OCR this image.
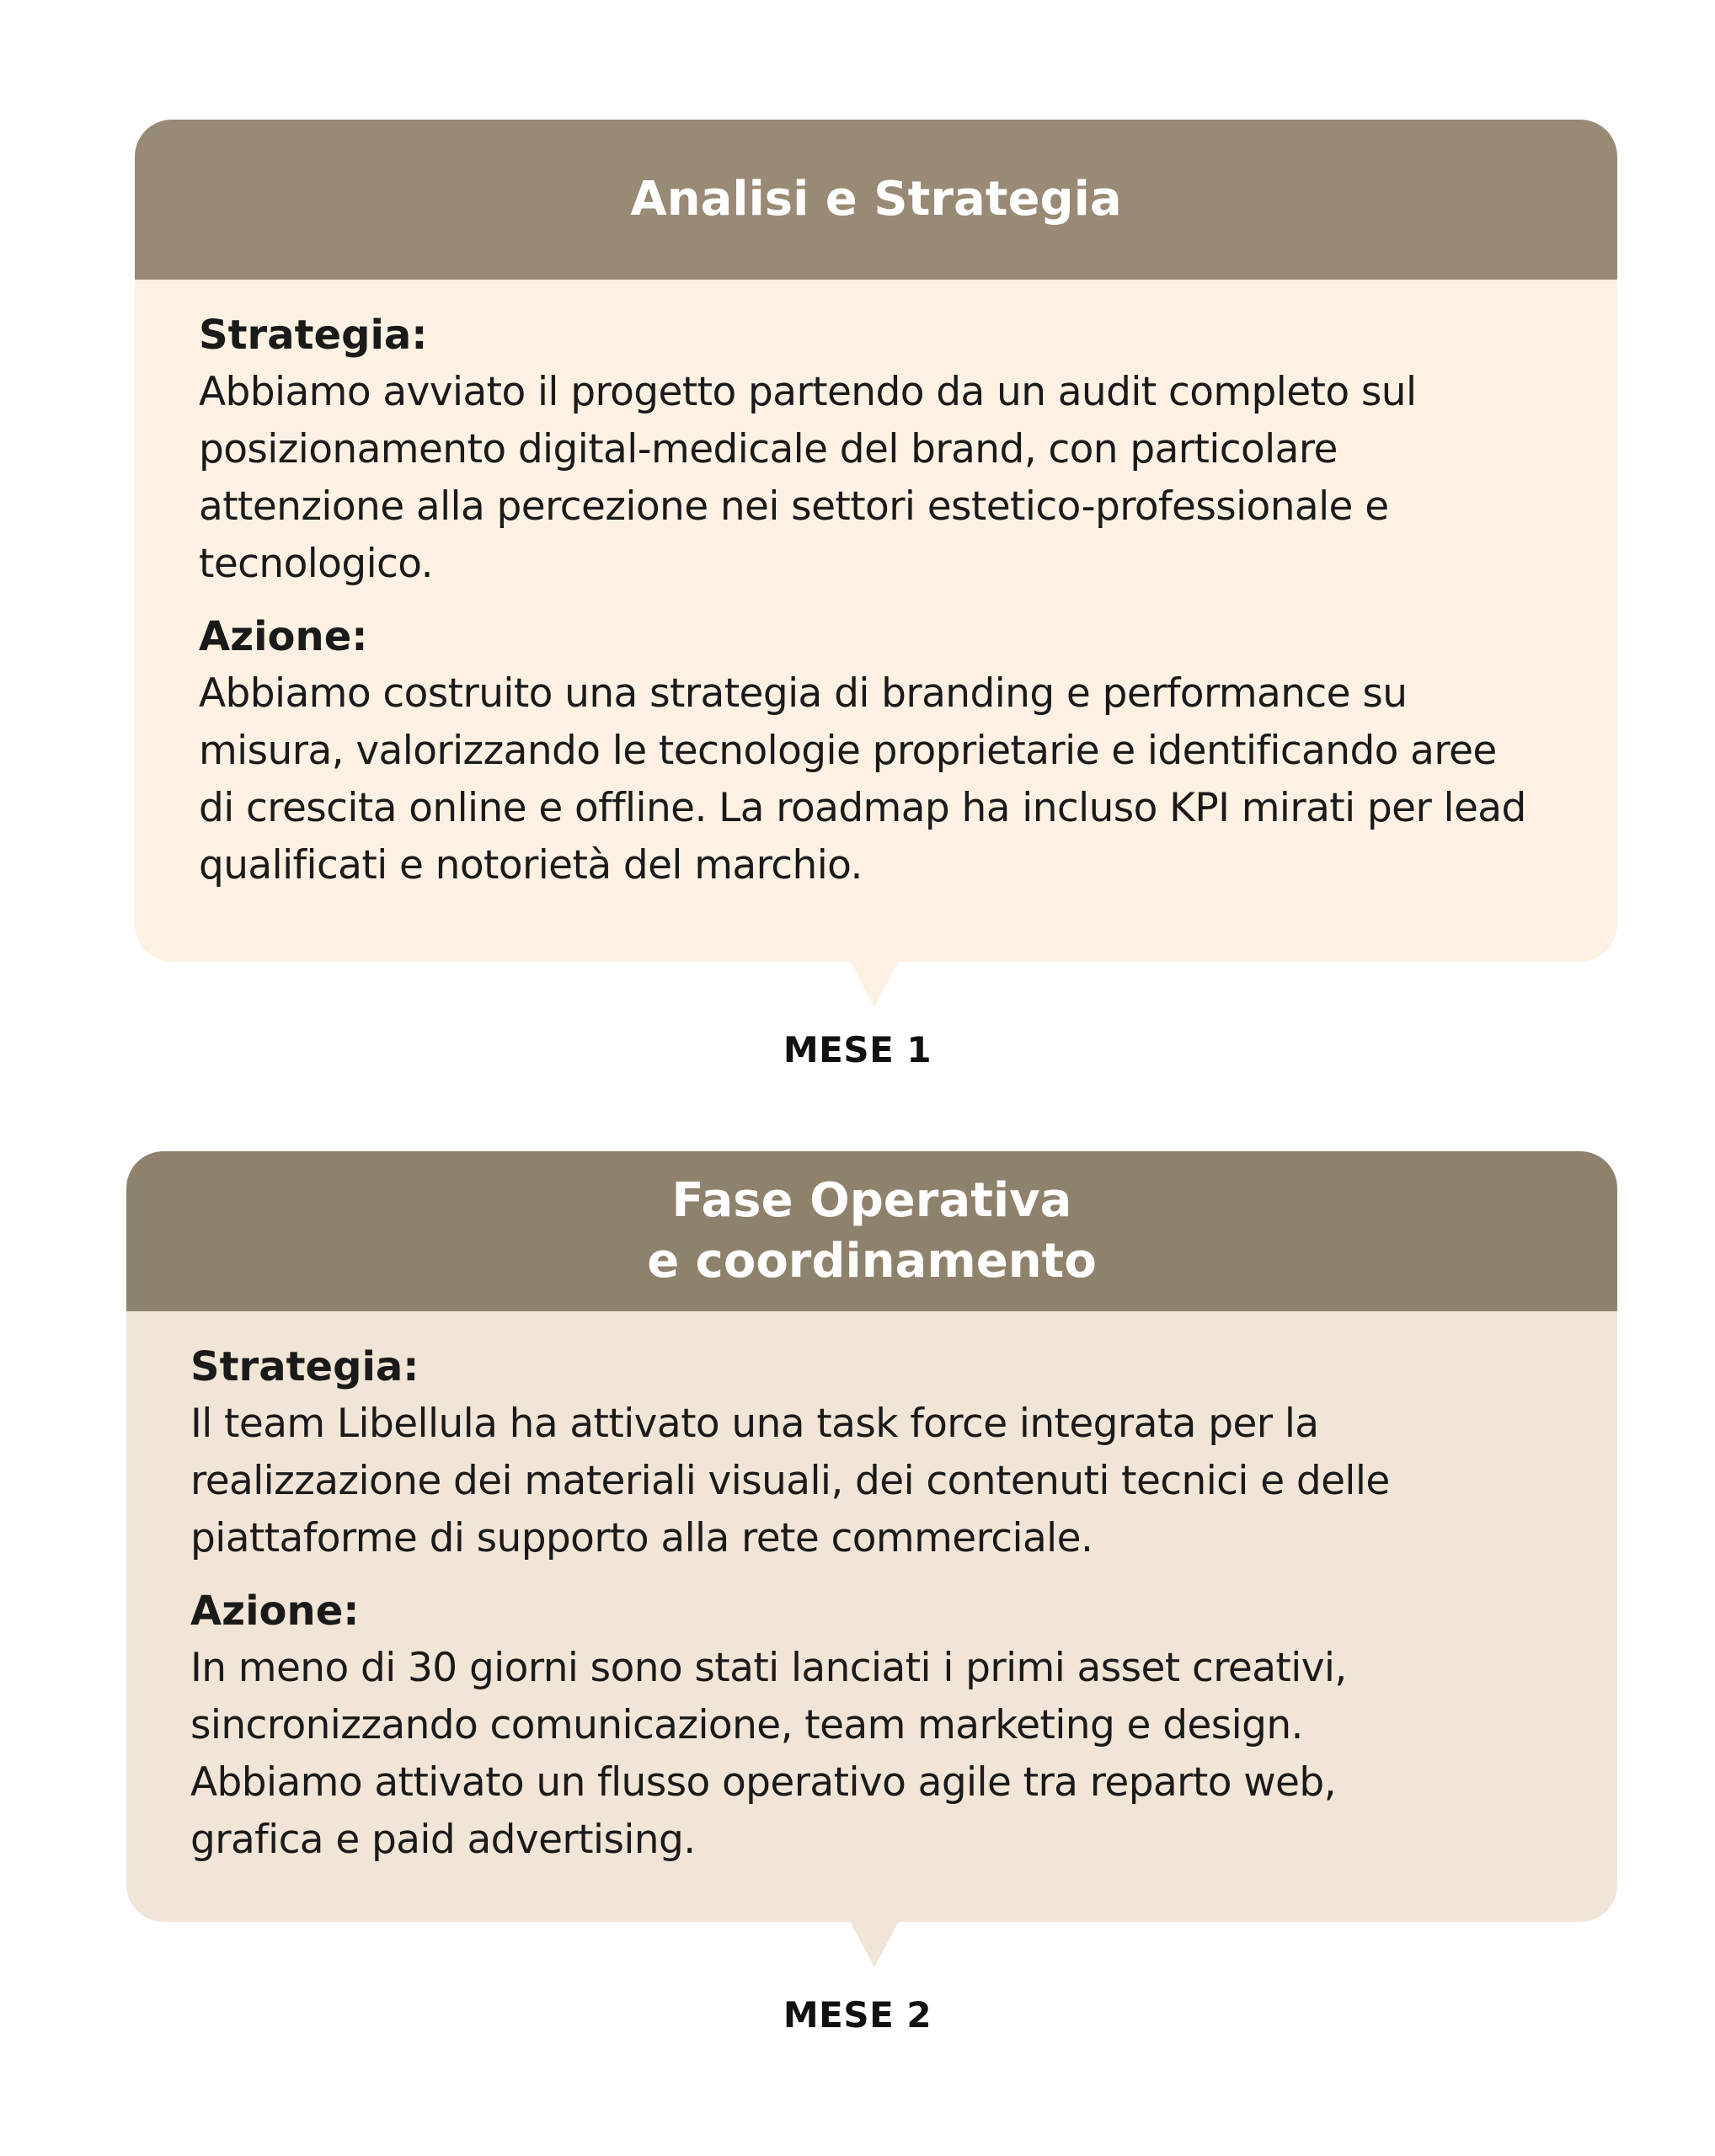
Analisi e Strategia
Strategia:
Abbiamo avviato il progetto partendo da un audit completo sul
posizionamento digital-medicale del brand, con particolare
attenzione alla percezione nei settori estetico-professionale e
tecnologico.
Azione:
Abbiamo costruito una strategia di branding e performance su
misura, valorizzando le tecnologie proprietarie e identificando aree
di crescita online e offline. La roadmap ha incluso KPI mirati per lead
qualificati e notorietà del marchio.
MESE 1
Fase Operativa
e coordinamento
Strategia:
Il team Libellula ha attivato una task force integrata per la
realizzazione dei materiali visuali, dei contenuti tecnici e delle
piattaforme di supporto alla rete commerciale.
Azione:
In meno di 30 giorni sono stati lanciati i primi asset creativi,
sincronizzando comunicazione, team marketing e design.
Abbiamo attivato un flusso operativo agile tra reparto web,
grafica e paid advertising.
MESE 2
